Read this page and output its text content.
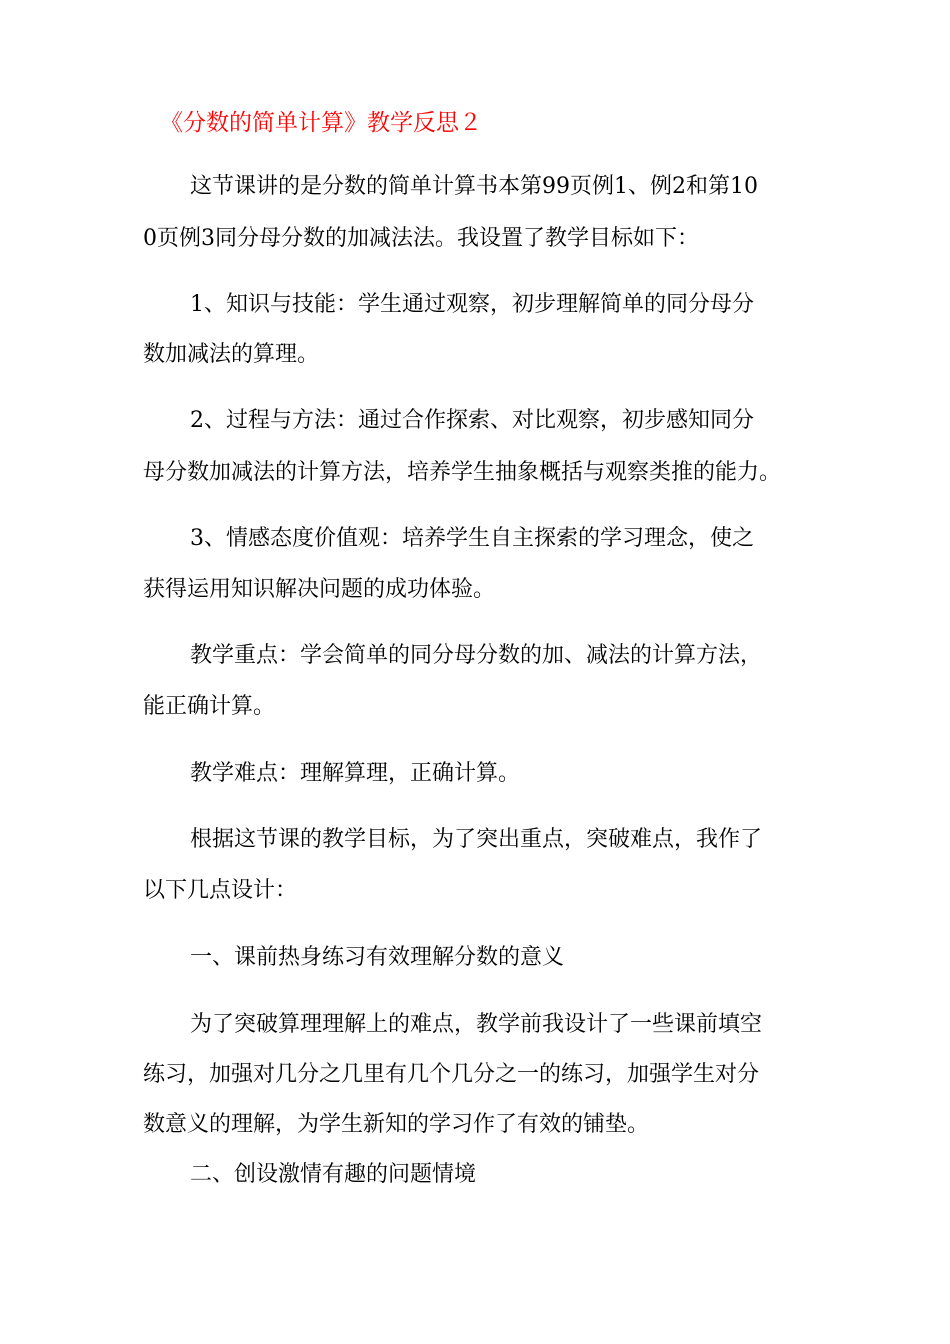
《分数的简单计算》教学反思２

这节课讲的是分数的简单计算书本第99页例1、例2和第10

0页例3同分母分数的加减法法。我设置了教学目标如下：

1、知识与技能：学生通过观察，初步理解简单的同分母分

数加减法的算理。

2、过程与方法：通过合作探索、对比观察，初步感知同分

母分数加减法的计算方法，培养学生抽象概括与观察类推的能力。

3、情感态度价值观：培养学生自主探索的学习理念，使之

获得运用知识解决问题的成功体验。

教学重点：学会简单的同分母分数的加、减法的计算方法，

能正确计算。

教学难点：理解算理，正确计算。

根据这节课的教学目标，为了突出重点，突破难点，我作了

以下几点设计：

一、课前热身练习有效理解分数的意义

为了突破算理理解上的难点，教学前我设计了一些课前填空

练习，加强对几分之几里有几个几分之一的练习，加强学生对分

数意义的理解，为学生新知的学习作了有效的铺垫。

二、创设激情有趣的问题情境
